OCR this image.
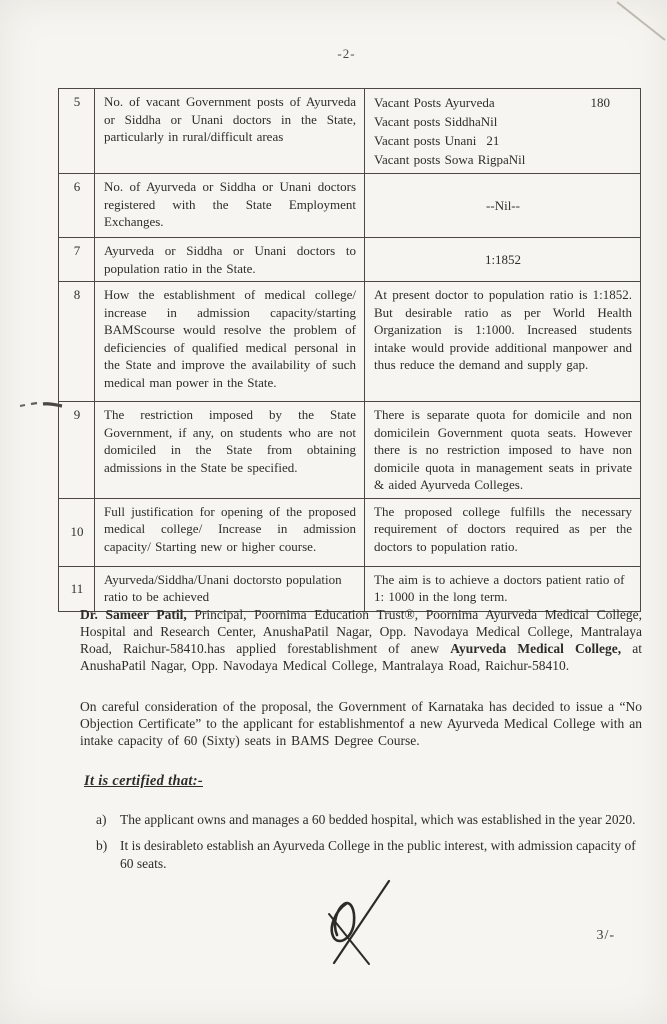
-2-
5	No. of vacant Government posts of Ayurveda or Siddha or Unani doctors in the State, particularly in rural/difficult areas	Vacant Posts Ayurveda 180
Vacant posts SiddhaNil
Vacant posts Unani 21
Vacant posts Sowa RigpaNil

6	No. of Ayurveda or Siddha or Unani doctors registered with the State Employment Exchanges.	--Nil--
7	Ayurveda or Siddha or Unani doctors to population ratio in the State.	1:1852
8	How the establishment of medical college/ increase in admission capacity/starting BAMScourse would resolve the problem of deficiencies of qualified medical personal in the State and improve the availability of such medical man power in the State.	At present doctor to population ratio is 1:1852. But desirable ratio as per World Health Organization is 1:1000. Increased students intake would provide additional manpower and thus reduce the demand and supply gap.
9	The restriction imposed by the State Government, if any, on students who are not domiciled in the State from obtaining admissions in the State be specified.	There is separate quota for domicile and non domicilein Government quota seats. However there is no restriction imposed to have non domicile quota in management seats in private & aided Ayurveda Colleges.
10	Full justification for opening of the proposed medical college/ Increase in admission capacity/ Starting new or higher course.	The proposed college fulfills the necessary requirement of doctors required as per the doctors to population ratio.
11	Ayurveda/Siddha/Unani doctorsto population ratio to be achieved	The aim is to achieve a doctors patient ratio of 1: 1000 in the long term.

Dr. Sameer Patil, Principal, Poornima Education Trust®, Poornima Ayurveda Medical College, Hospital and Research Center, AnushaPatil Nagar, Opp. Navodaya Medical College, Mantralaya Road, Raichur-58410.has applied forestablishment of anew Ayurveda Medical College, at AnushaPatil Nagar, Opp. Navodaya Medical College, Mantralaya Road, Raichur-58410.

On careful consideration of the proposal, the Government of Karnataka has decided to issue a “No Objection Certificate” to the applicant for establishmentof a new Ayurveda Medical College with an intake capacity of 60 (Sixty) seats in BAMS Degree Course.

It is certified that:-
a)	The applicant owns and manages a 60 bedded hospital, which was established in the year 2020.
b) It is desirableto establish an Ayurveda College in the public interest, with admission capacity of 60 seats.
3/-
